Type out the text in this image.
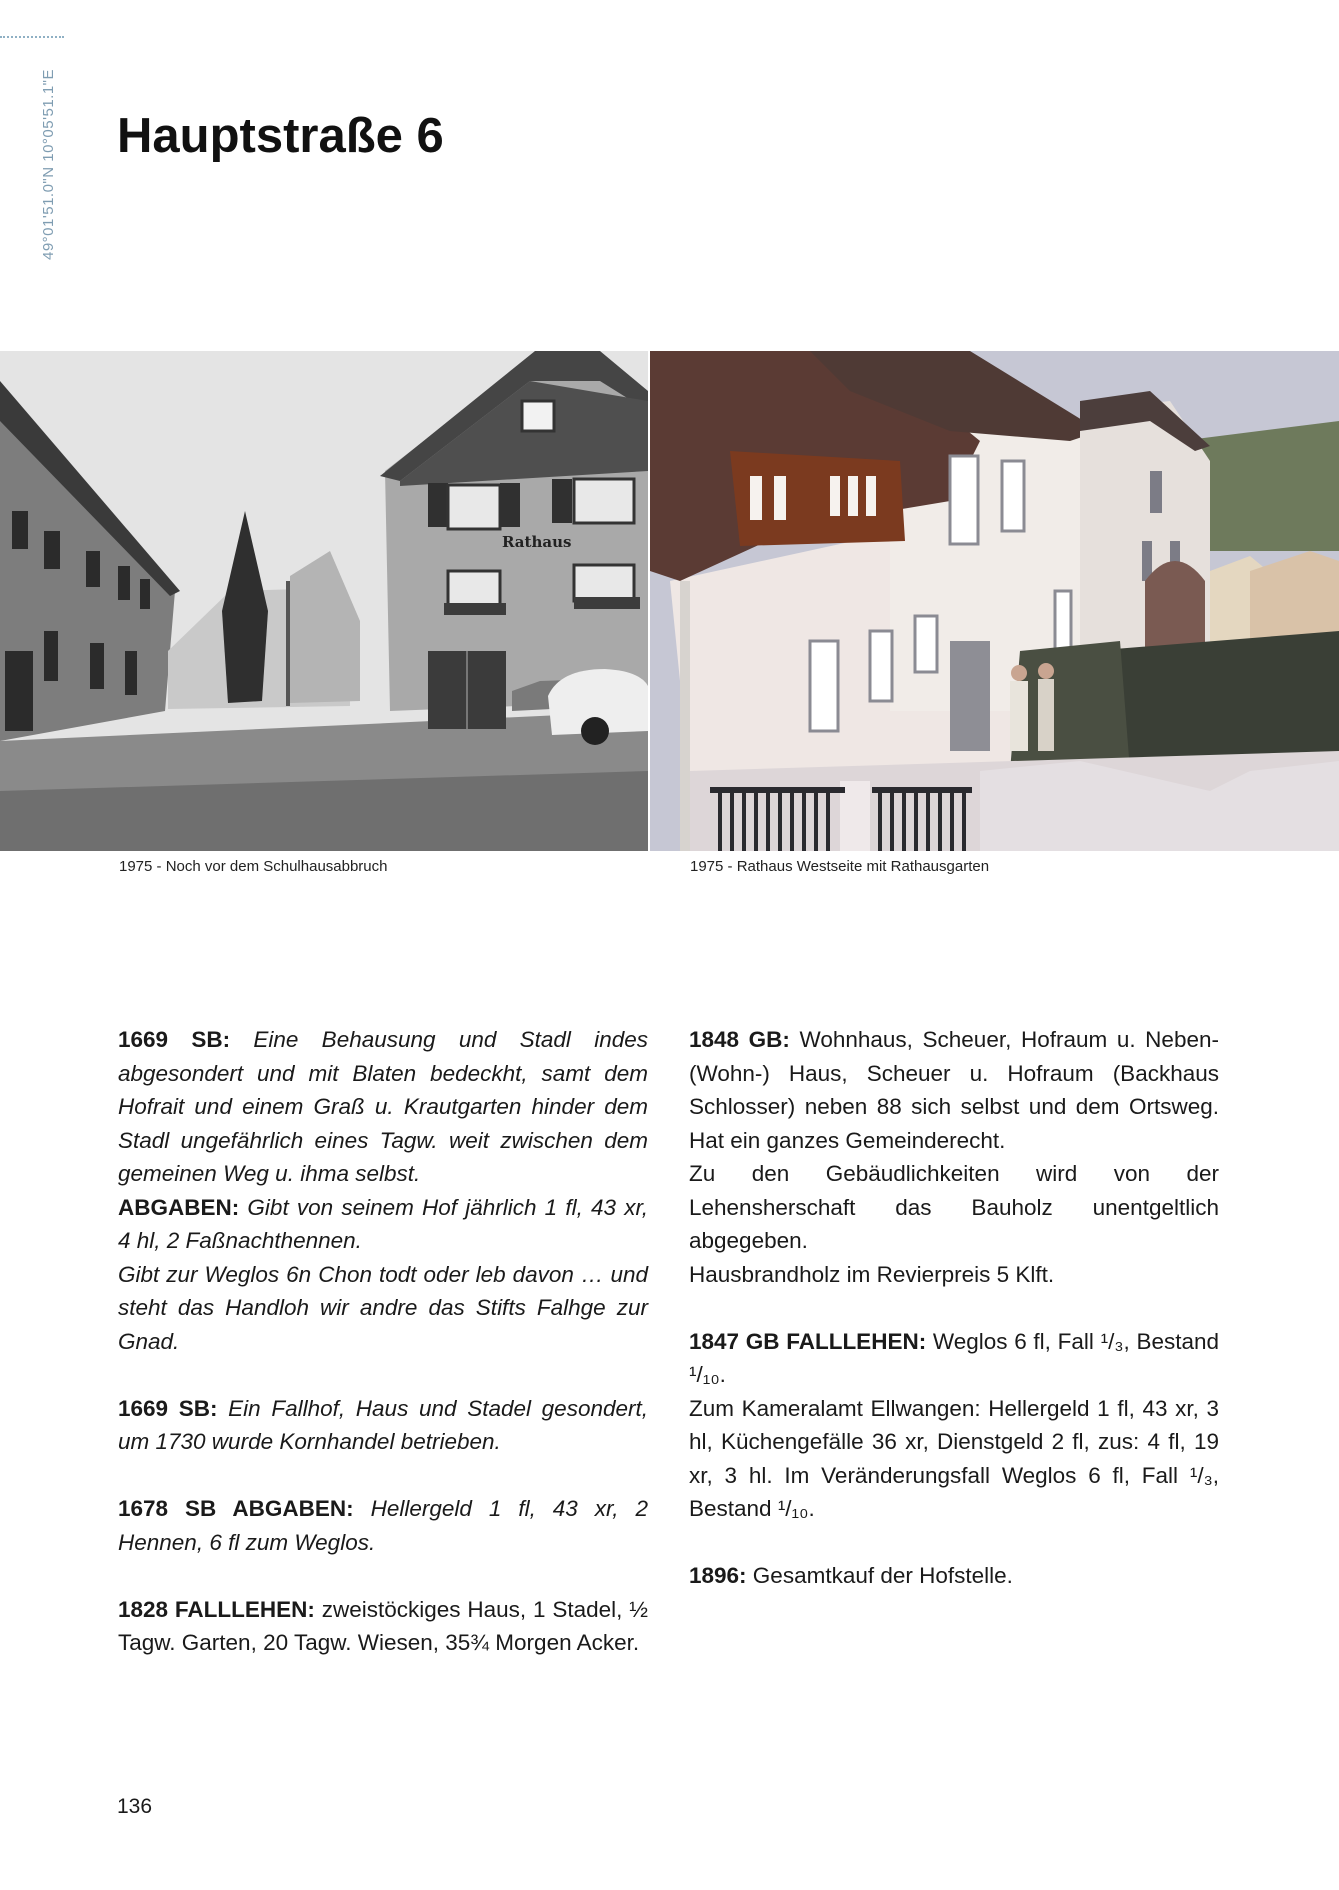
49°01'51.0"N 10°05'51.1"E Hauptstraße 6
Rathaus
1975 - Noch vor dem Schulhausabbruch	1975 - Rathaus Westseite mit Rathausgarten

1669 SB: Eine Behausung und Stadl indes abgesondert und mit Blaten bedeckht, samt dem Hofrait und einem Graß u. Krautgarten hinder dem Stadl ungefährlich eines Tagw. weit zwischen dem gemeinen Weg u. ihma selbst.

ABGABEN: Gibt von seinem Hof jährlich 1 fl, 43 xr, 4 hl, 2 Faßnachthennen.

Gibt zur Weglos 6n Chon todt oder leb davon … und steht das Handloh wir andre das Stifts Falhge zur Gnad.

1669 SB: Ein Fallhof, Haus und Stadel gesondert, um 1730 wurde Kornhandel betrieben.

1678 SB ABGABEN: Hellergeld 1 fl, 43 xr, 2 Hennen, 6 fl zum Weglos.

1828 FALLLEHEN: zweistöckiges Haus, 1 Stadel, ½ Tagw. Garten, 20 Tagw. Wiesen, 35¾ Morgen Acker.

1848 GB: Wohnhaus, Scheuer, Hofraum u. Neben- (Wohn-) Haus, Scheuer u. Hofraum (Backhaus Schlosser) neben 88 sich selbst und dem Ortsweg. Hat ein ganzes Gemeinderecht.

Zu den Gebäudlichkeiten wird von der Lehensherschaft das Bauholz unentgeltlich abgegeben.

Hausbrandholz im Revierpreis 5 Klft.

1847 GB FALLLEHEN: Weglos 6 fl, Fall ¹/₃, Bestand ¹/₁₀.

Zum Kameralamt Ellwangen: Hellergeld 1 fl, 43 xr, 3 hl, Küchengefälle 36 xr, Dienstgeld 2 fl, zus: 4 fl, 19 xr, 3 hl. Im Veränderungsfall Weglos 6 fl, Fall ¹/₃, Bestand ¹/₁₀.

1896: Gesamtkauf der Hofstelle.

136
